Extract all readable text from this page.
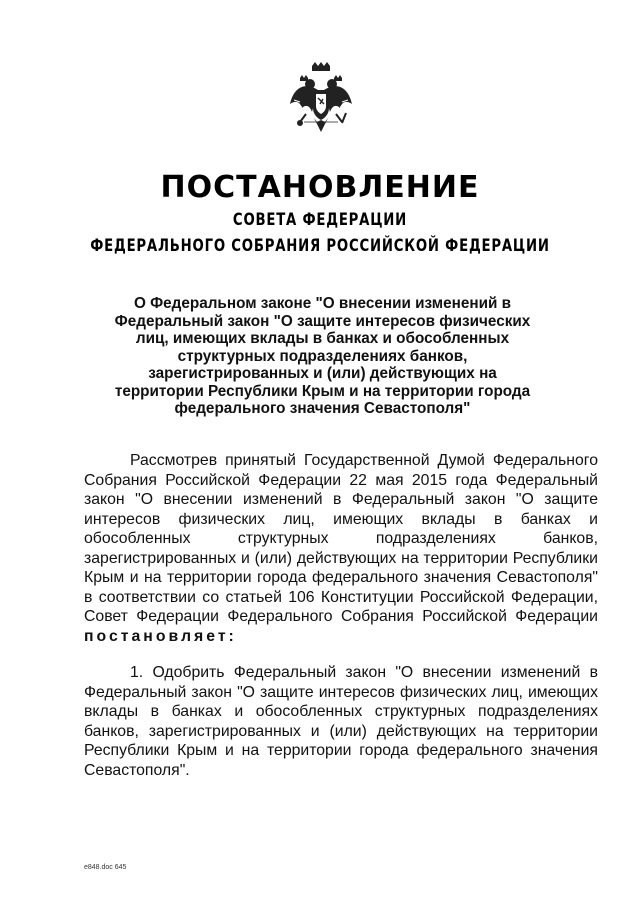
ПОСТАНОВЛЕНИЕ
СОВЕТА ФЕДЕРАЦИИ
ФЕДЕРАЛЬНОГО СОБРАНИЯ РОССИЙСКОЙ ФЕДЕРАЦИИ
О Федеральном законе "О внесении изменений в Федеральный закон "О защите интересов физических лиц, имеющих вклады в банках и обособленных структурных подразделениях банков, зарегистрированных и (или) действующих на территории Республики Крым и на территории города федерального значения Севастополя"
Рассмотрев принятый Государственной Думой Федерального Собрания Российской Федерации 22 мая 2015 года Федеральный закон "О внесении изменений в Федеральный закон "О защите интересов физических лиц, имеющих вклады в банках и обособленных структурных подразделениях банков, зарегистрированных и (или) действующих на территории Республики Крым и на территории города федерального значения Севастополя" в соответствии со статьей 106 Конституции Российской Федерации, Совет Федерации Федерального Собрания Российской Федерации постановляет:
1. Одобрить Федеральный закон "О внесении изменений в Федеральный закон "О защите интересов физических лиц, имеющих вклады в банках и обособленных структурных подразделениях банков, зарегистрированных и (или) действующих на территории Республики Крым и на территории города федерального значения Севастополя".
e848.doc 645
